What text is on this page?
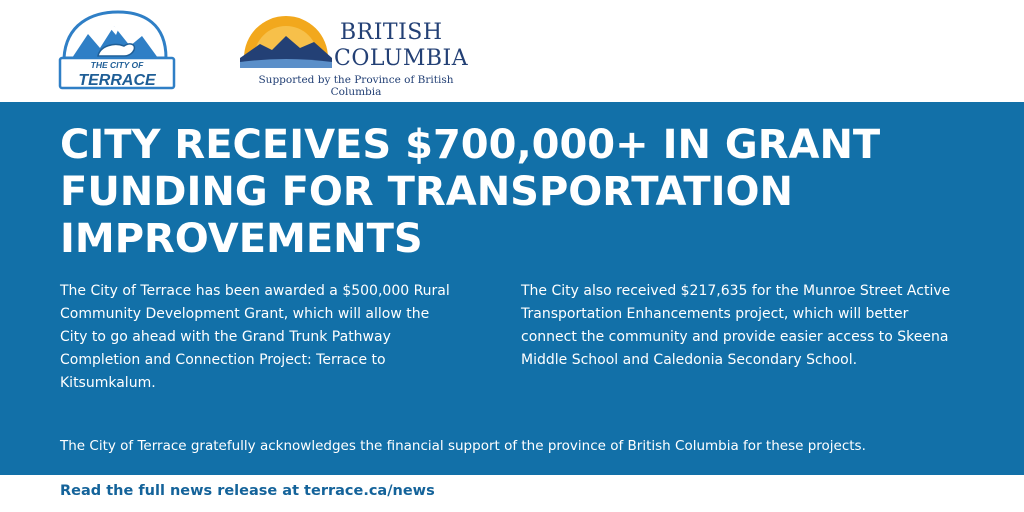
THE CITY OF
TERRACE
BRITISH
COLUMBIA
Supported by the Province of British Columbia
CITY RECEIVES $700,000+ IN GRANT FUNDING FOR TRANSPORTATION IMPROVEMENTS

The City of Terrace has been awarded a $500,000 Rural Community Development Grant, which will allow the City to go ahead with the Grand Trunk Pathway Completion and Connection Project: Terrace to Kitsumkalum.

The City also received $217,635 for the Munroe Street Active Transportation Enhancements project, which will better connect the community and provide easier access to Skeena Middle School and Caledonia Secondary School.

The City of Terrace gratefully acknowledges the financial support of the province of British Columbia for these projects.

Read the full news release at terrace.ca/news
